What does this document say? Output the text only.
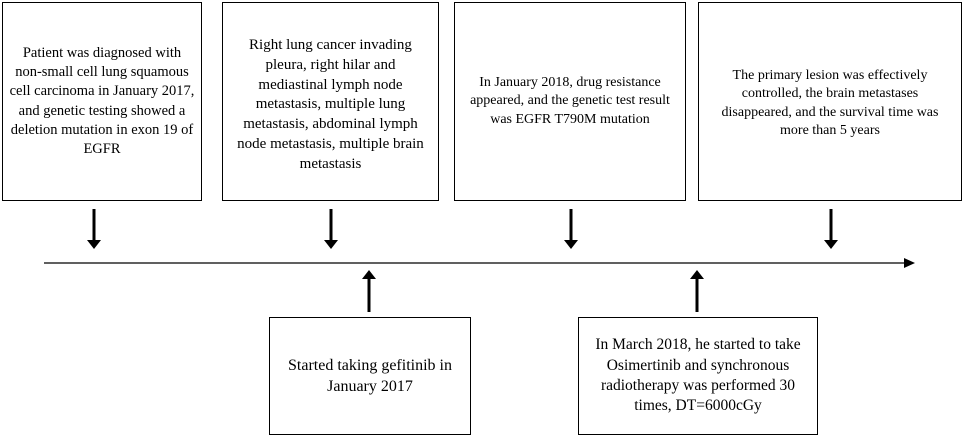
Patient was diagnosed with non-small cell lung squamous cell carcinoma in January 2017, and genetic testing showed a deletion mutation in exon 19 of EGFR
Right lung cancer invading pleura, right hilar and mediastinal lymph node metastasis, multiple lung metastasis, abdominal lymph node metastasis, multiple brain metastasis
In January 2018, drug resistance appeared, and the genetic test result was EGFR T790M mutation
The primary lesion was effectively controlled, the brain metastases disappeared, and the survival time was more than 5 years
Started taking gefitinib in January 2017
In March 2018, he started to take Osimertinib and synchronous radiotherapy was performed 30 times, DT=6000cGy
